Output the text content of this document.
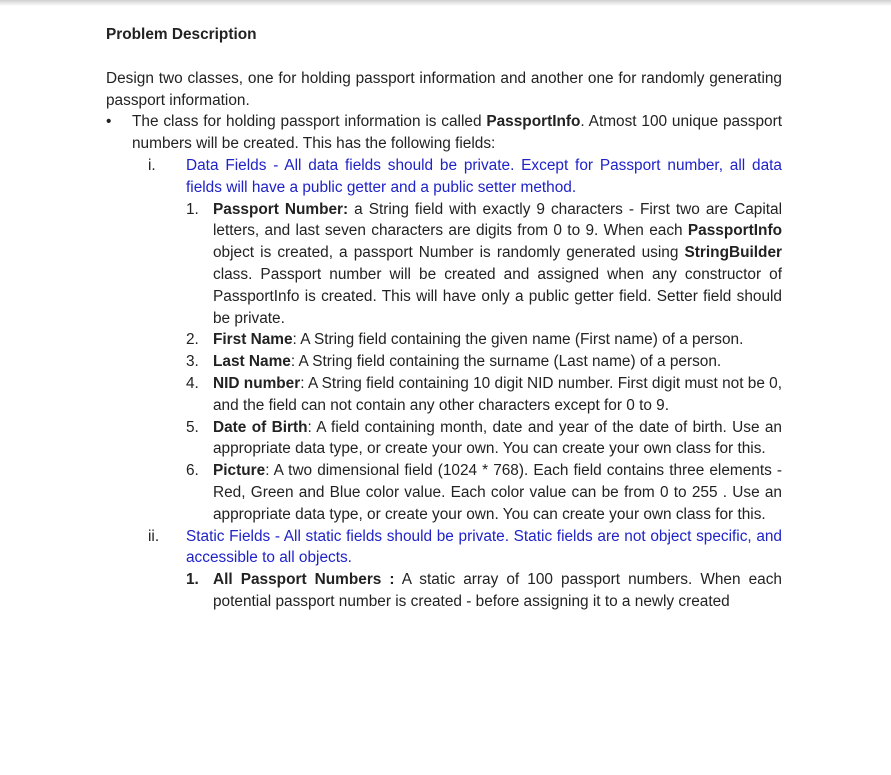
Problem Description

Design two classes, one for holding passport information and another one for randomly generating passport information.

•	The class for holding passport information is called PassportInfo. Atmost 100 unique passport numbers will be created. This has the following fields:
i. Data Fields - All data fields should be private. Except for Passport number, all data fields will have a public getter and a public setter method.
1. Passport Number: a String field with exactly 9 characters - First two are Capital letters, and last seven characters are digits from 0 to 9. When each PassportInfo object is created, a passport Number is randomly generated using StringBuilder class. Passport number will be created and assigned when any constructor of PassportInfo is created. This will have only a public getter field. Setter field should be private.
2. First Name: A String field containing the given name (First name) of a person.
3. Last Name: A String field containing the surname (Last name) of a person.
4. NID number: A String field containing 10 digit NID number. First digit must not be 0, and the field can not contain any other characters except for 0 to 9.
5. Date of Birth: A field containing month, date and year of the date of birth. Use an appropriate data type, or create your own. You can create your own class for this.
6. Picture: A two dimensional field (1024 * 768). Each field contains three elements - Red, Green and Blue color value. Each color value can be from 0 to 255 . Use an appropriate data type, or create your own. You can create your own class for this.
ii. Static Fields - All static fields should be private. Static fields are not object specific, and accessible to all objects.
1. All Passport Numbers : A static array of 100 passport numbers. When each potential passport number is created - before assigning it to a newly created
